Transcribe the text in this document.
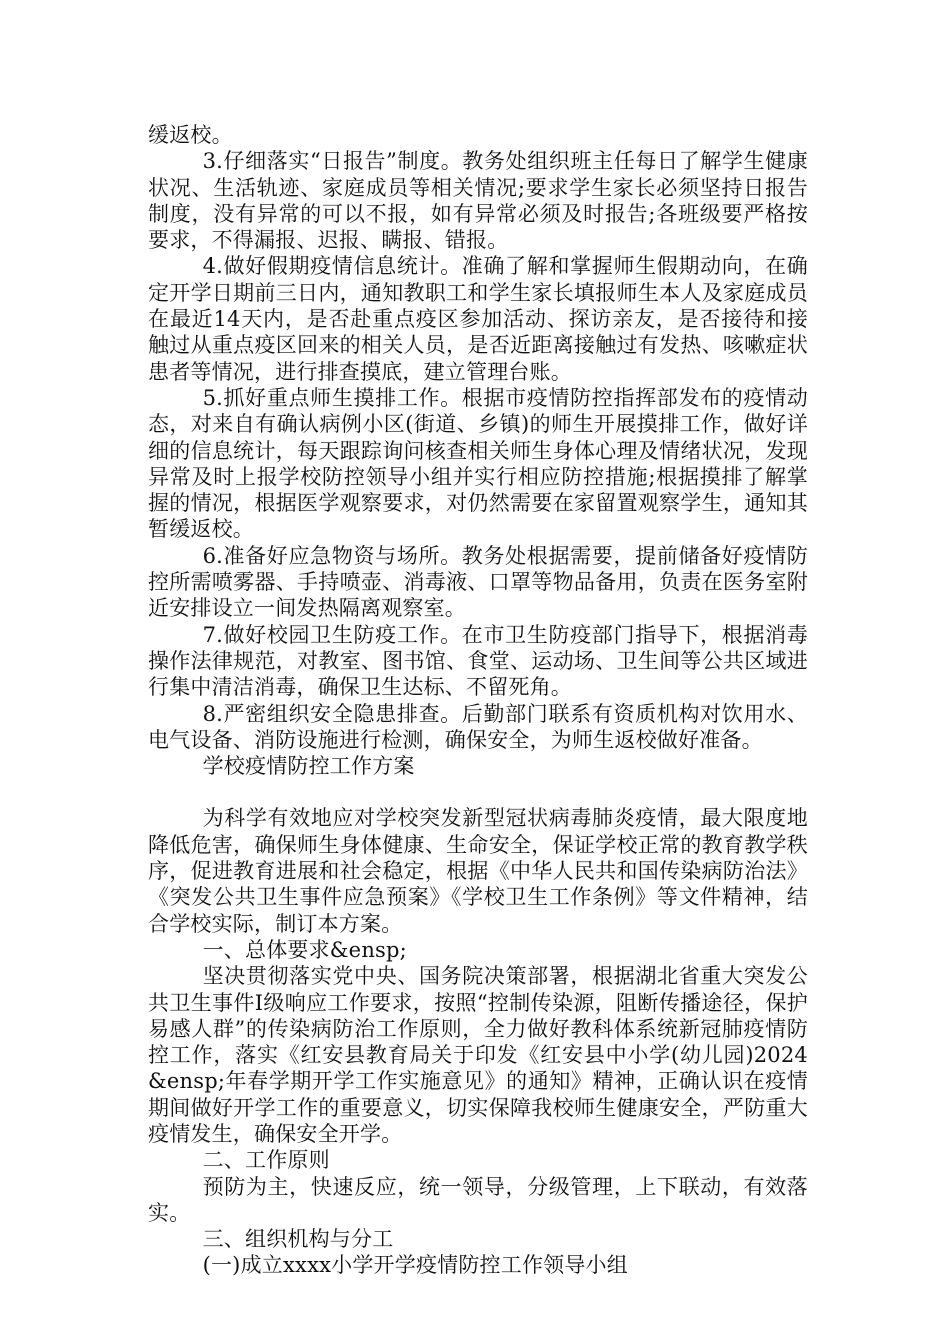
缓返校。

3.仔细落实“日报告”制度。教务处组织班主任每日了解学生健康状况、生活轨迹、家庭成员等相关情况;要求学生家长必须坚持日报告制度，没有异常的可以不报，如有异常必须及时报告;各班级要严格按要求，不得漏报、迟报、瞒报、错报。

4.做好假期疫情信息统计。准确了解和掌握师生假期动向，在确定开学日期前三日内，通知教职工和学生家长填报师生本人及家庭成员在最近14天内，是否赴重点疫区参加活动、探访亲友，是否接待和接触过从重点疫区回来的相关人员，是否近距离接触过有发热、咳嗽症状患者等情况，进行排查摸底，建立管理台账。

5.抓好重点师生摸排工作。根据市疫情防控指挥部发布的疫情动态，对来自有确认病例小区(街道、乡镇)的师生开展摸排工作，做好详细的信息统计，每天跟踪询问核查相关师生身体心理及情绪状况，发现异常及时上报学校防控领导小组并实行相应防控措施;根据摸排了解掌握的情况，根据医学观察要求，对仍然需要在家留置观察学生，通知其暂缓返校。

6.准备好应急物资与场所。教务处根据需要，提前储备好疫情防控所需喷雾器、手持喷壶、消毒液、口罩等物品备用，负责在医务室附近安排设立一间发热隔离观察室。

7.做好校园卫生防疫工作。在市卫生防疫部门指导下，根据消毒操作法律规范，对教室、图书馆、食堂、运动场、卫生间等公共区域进行集中清洁消毒，确保卫生达标、不留死角。

8.严密组织安全隐患排查。后勤部门联系有资质机构对饮用水、电气设备、消防设施进行检测，确保安全，为师生返校做好准备。

学校疫情防控工作方案

为科学有效地应对学校突发新型冠状病毒肺炎疫情，最大限度地降低危害，确保师生身体健康、生命安全，保证学校正常的教育教学秩序，促进教育进展和社会稳定，根据《中华人民共和国传染病防治法》《突发公共卫生事件应急预案》《学校卫生工作条例》等文件精神，结合学校实际，制订本方案。

一、总体要求&ensp;

坚决贯彻落实党中央、国务院决策部署，根据湖北省重大突发公共卫生事件Ⅰ级响应工作要求，按照“控制传染源，阻断传播途径，保护易感人群”的传染病防治工作原则，全力做好教科体系统新冠肺疫情防控工作，落实《红安县教育局关于印发《红安县中小学(幼儿园)2024&ensp;年春学期开学工作实施意见》的通知》精神，正确认识在疫情期间做好开学工作的重要意义，切实保障我校师生健康安全，严防重大疫情发生，确保安全开学。

二、工作原则

预防为主，快速反应，统一领导，分级管理，上下联动，有效落实。

三、组织机构与分工

(一)成立xxxx小学开学疫情防控工作领导小组
